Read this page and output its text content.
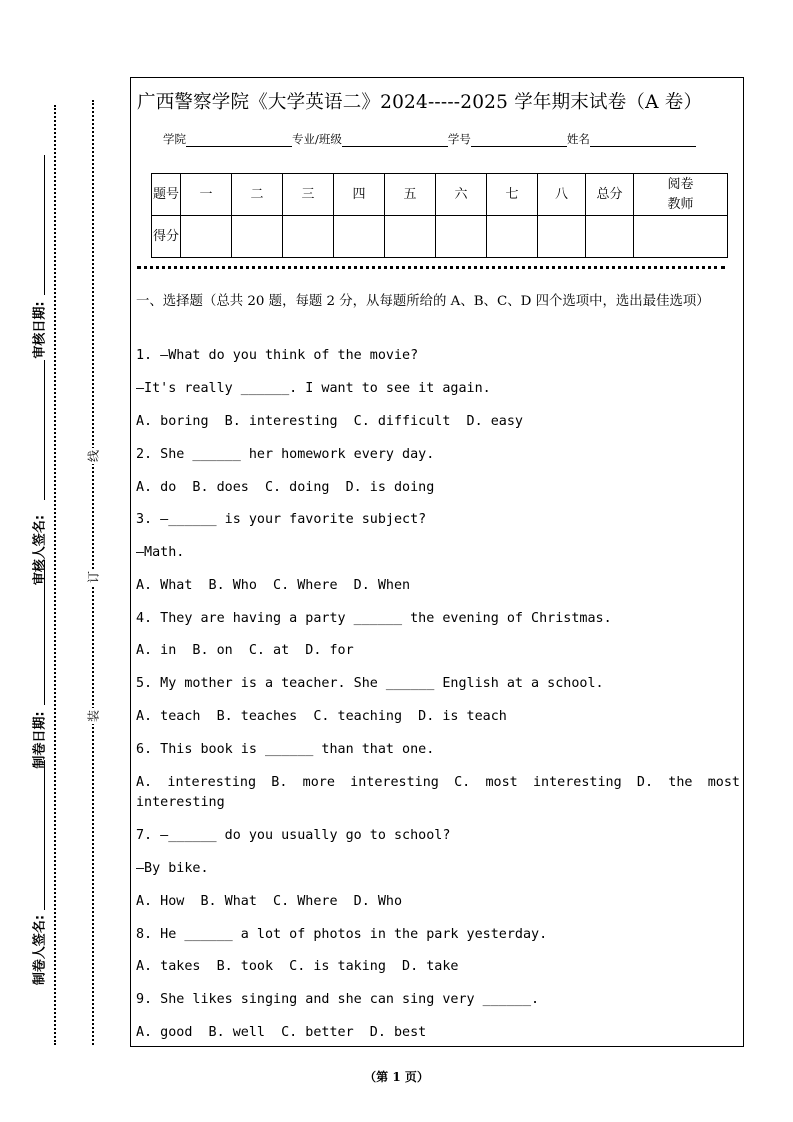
审核日期:
审核人签名:
制卷日期:
制卷人签名:
线
订
装
广西警察学院《大学英语二》2024-----2025 学年期末试卷（A 卷）
学院	专业/班级	学号	姓名
题号	一	二	三	四	五	六	七	八	总分	阅卷教师
得分										
一、选择题（总共 20 题，每题 2 分，从每题所给的 A、B、C、D 四个选项中，选出最佳选项）
1. —What do you think of the movie?
—It's really ______. I want to see it again.
A. boring  B. interesting  C. difficult  D. easy
2. She ______ her homework every day.
A. do  B. does  C. doing  D. is doing
3. —______ is your favorite subject?
—Math.
A. What  B. Who  C. Where  D. When
4. They are having a party ______ the evening of Christmas.
A. in  B. on  C. at  D. for
5. My mother is a teacher. She ______ English at a school.
A. teach  B. teaches  C. teaching  D. is teach
6. This book is ______ than that one.
A. interesting B. more interesting C. most interesting D. the most interesting
7. —______ do you usually go to school?
—By bike.
A. How  B. What  C. Where  D. Who
8. He ______ a lot of photos in the park yesterday.
A. takes  B. took  C. is taking  D. take
9. She likes singing and she can sing very ______.
A. good  B. well  C. better  D. best
（第 1 页）
